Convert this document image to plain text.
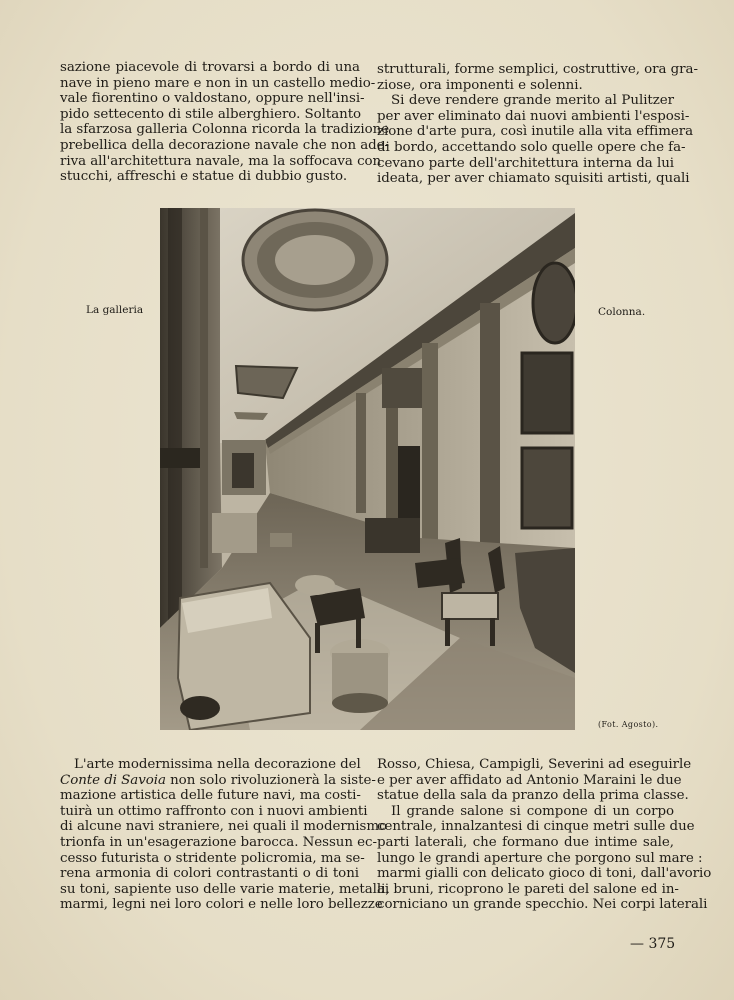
sazione piacevole di trovarsi a bordo di una
nave in pieno mare e non in un castello medio-
vale fiorentino o valdostano, oppure nell'insi-
pido settecento di stile alberghiero. Soltanto
la sfarzosa galleria Colonna ricorda la tradizione
prebellica della decorazione navale che non ade-
riva all'architettura navale, ma la soffocava con
stucchi, affreschi e statue di dubbio gusto.
strutturali, forme semplici, costruttive, ora gra-
ziose, ora imponenti e solenni.
Si deve rendere grande merito al Pulitzer
per aver eliminato dai nuovi ambienti l'esposi-
zione d'arte pura, così inutile alla vita effimera
di bordo, accettando solo quelle opere che fa-
cevano parte dell'architettura interna da lui
ideata, per aver chiamato squisiti artisti, quali
La galleria	Colonna.
(Fot. Agosto).
L'arte modernissima nella decorazione del
Conte di Savoia non solo rivoluzionerà la siste-
mazione artistica delle future navi, ma costi-
tuirà un ottimo raffronto con i nuovi ambienti
di alcune navi straniere, nei quali il modernismo
trionfa in un'esagerazione barocca. Nessun ec-
cesso futurista o stridente policromia, ma se-
rena armonia di colori contrastanti o di toni
su toni, sapiente uso delle varie materie, metalli,
marmi, legni nei loro colori e nelle loro bellezze
Rosso, Chiesa, Campigli, Severini ad eseguirle
e per aver affidato ad Antonio Maraini le due
statue della sala da pranzo della prima classe.
Il grande salone si compone di un corpo
centrale, innalzantesi di cinque metri sulle due
parti laterali, che formano due intime sale,
lungo le grandi aperture che porgono sul mare :
marmi gialli con delicato gioco di toni, dall'avorio
ai bruni, ricoprono le pareti del salone ed in-
corniciano un grande specchio. Nei corpi laterali
— 375
